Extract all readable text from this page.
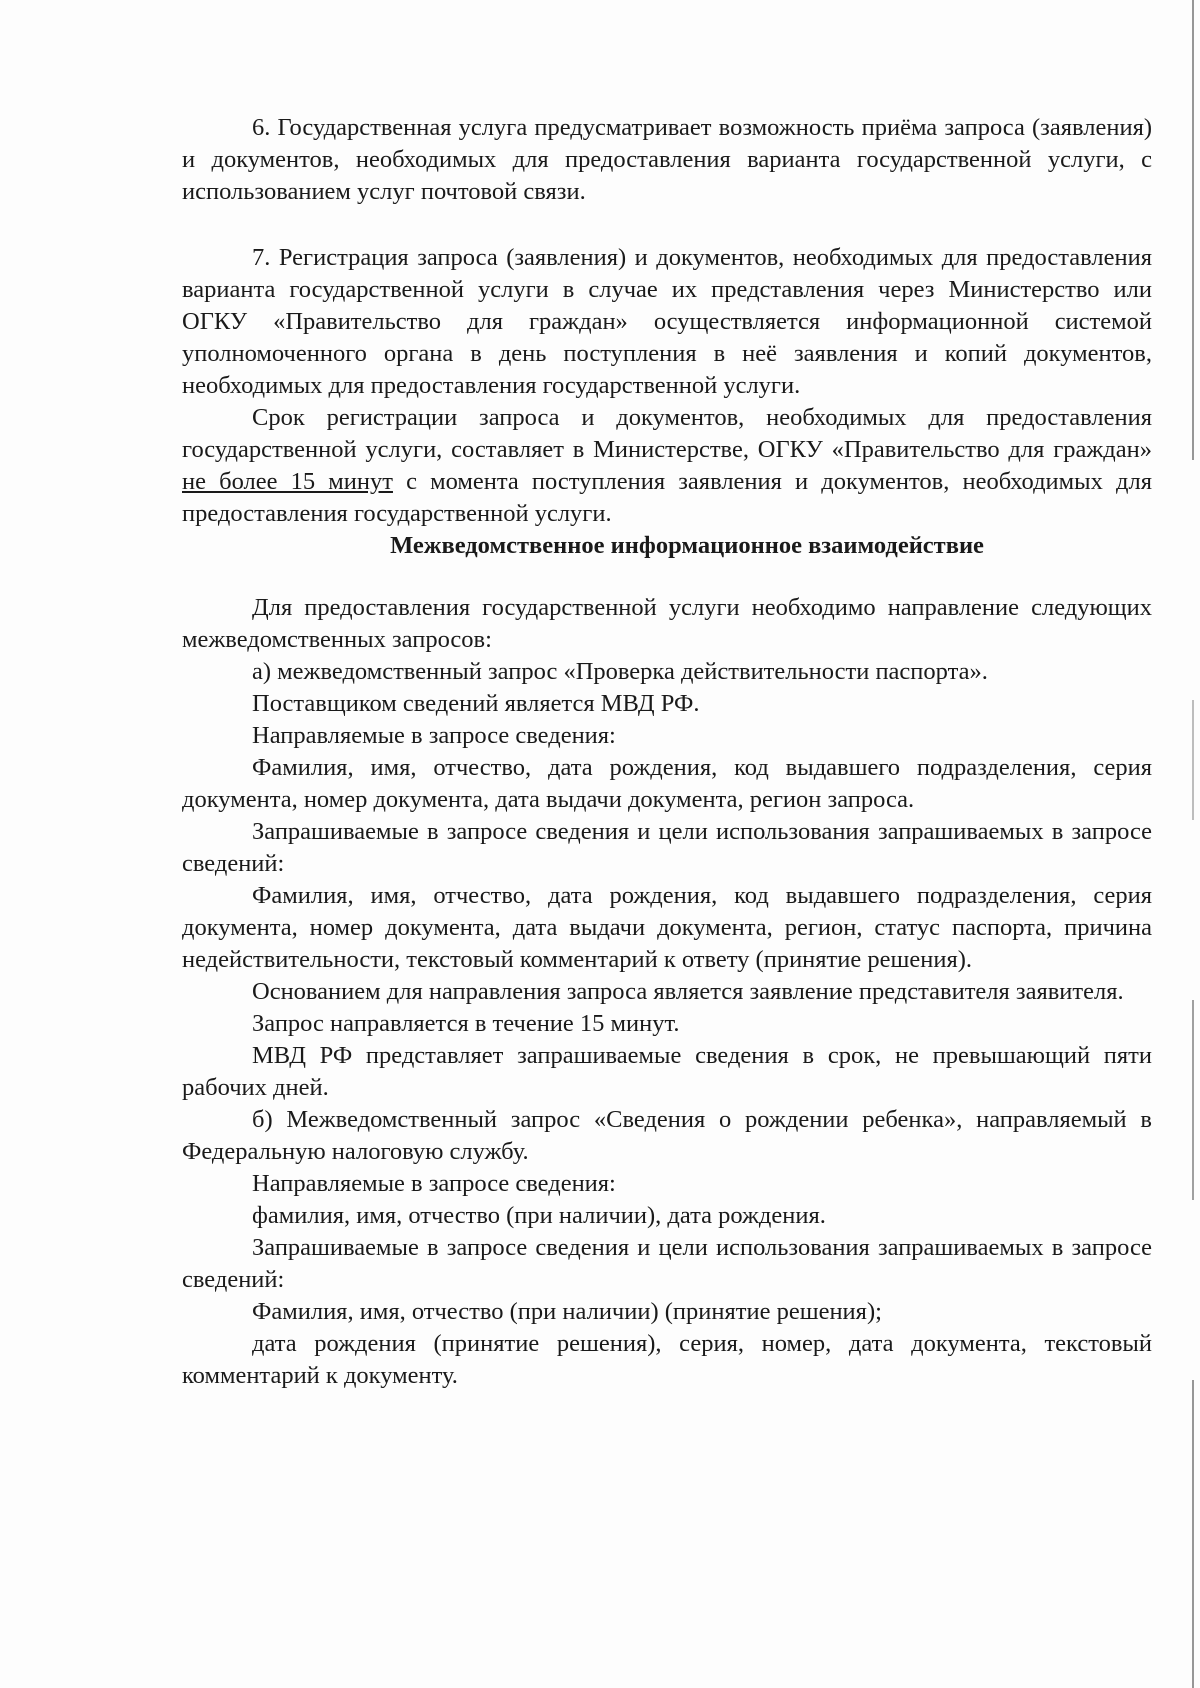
6. Государственная услуга предусматривает возможность приёма запроса (заявления) и документов, необходимых для предоставления варианта государственной услуги, с использованием услуг почтовой связи.

7. Регистрация запроса (заявления) и документов, необходимых для предоставления варианта государственной услуги в случае их представления через Министерство или ОГКУ «Правительство для граждан» осуществляется информационной системой уполномоченного органа в день поступления в неё заявления и копий документов, необходимых для предоставления государственной услуги.

Срок регистрации запроса и документов, необходимых для предоставления государственной услуги, составляет в Министерстве, ОГКУ «Правительство для граждан» не более 15 минут с момента поступления заявления и документов, необходимых для предоставления государственной услуги.

Межведомственное информационное взаимодействие

Для предоставления государственной услуги необходимо направление следующих межведомственных запросов:

а) межведомственный запрос «Проверка действительности паспорта».

Поставщиком сведений является МВД РФ.

Направляемые в запросе сведения:

Фамилия, имя, отчество, дата рождения, код выдавшего подразделения, серия документа, номер документа, дата выдачи документа, регион запроса.

Запрашиваемые в запросе сведения и цели использования запрашиваемых в запросе сведений:

Фамилия, имя, отчество, дата рождения, код выдавшего подразделения, серия документа, номер документа, дата выдачи документа, регион, статус паспорта, причина недействительности, текстовый комментарий к ответу (принятие решения).

Основанием для направления запроса является заявление представителя заявителя.

Запрос направляется в течение 15 минут.

МВД РФ представляет запрашиваемые сведения в срок, не превышающий пяти рабочих дней.

б) Межведомственный запрос «Сведения о рождении ребенка», направляемый в Федеральную налоговую службу.

Направляемые в запросе сведения:

фамилия, имя, отчество (при наличии), дата рождения.

Запрашиваемые в запросе сведения и цели использования запрашиваемых в запросе сведений:

Фамилия, имя, отчество (при наличии) (принятие решения);

дата рождения (принятие решения), серия, номер, дата документа, текстовый комментарий к документу.
